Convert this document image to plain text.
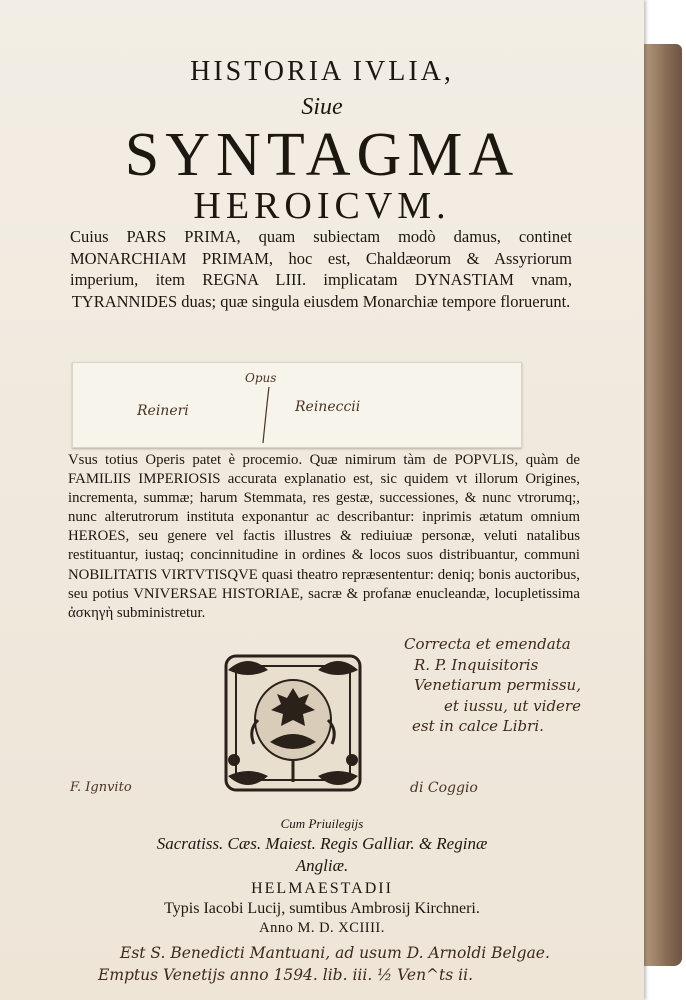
HISTORIA IVLIA,
Siue
SYNTAGMA
HEROICVM.
Cuius PARS PRIMA, quam subiectam modò damus, continet MONARCHIAM PRIMAM, hoc est, Chaldæorum & Assyriorum imperium, item REGNA LIII. implicatam DYNASTIAM vnam, TYRANNIDES duas; quæ singula eiusdem Monarchiæ tempore floruerunt.
Opus
Reineri	Reineccii
Vsus totius Operis patet è procemio. Quæ nimirum tàm de POPVLIS, quàm de FAMILIIS IMPERIOSIS accurata explanatio est, sic quidem vt illorum Origines, incrementa, summæ; harum Stemmata, res gestæ, successiones, & nunc vtrorumq;, nunc alterutrorum instituta exponantur ac describantur: inprimis ætatum omnium HEROES, seu genere vel factis illustres & rediuiuæ personæ, veluti natalibus restituantur, iustaq; concinnitudine in ordines & locos suos distribuantur, communi NOBILITATIS VIRTVTISQVE quasi theatro repræsententur: deniq; bonis auctoribus, seu potius VNIVERSAE HISTORIAE, sacræ & profanæ enucleandæ, locupletissima ἀσκηγὴ subministretur.
Correcta et emendata
R. P. Inquisitoris
Venetiarum permissu,
et iussu, ut videre
est in calce Libri.
F. Ignvito	di Coggio
Cum Priuilegijs
Sacratiss. Cæs. Maiest. Regis Galliar. & Reginæ
Angliæ.
HELMAESTADII
Typis Iacobi Lucij, sumtibus Ambrosij Kirchneri.
Anno M. D. XCIIII.
Est S. Benedicti Mantuani, ad usum D. Arnoldi Belgae.
Emptus Venetijs anno 1594. lib. iii. ½ Ven^ts ii.
